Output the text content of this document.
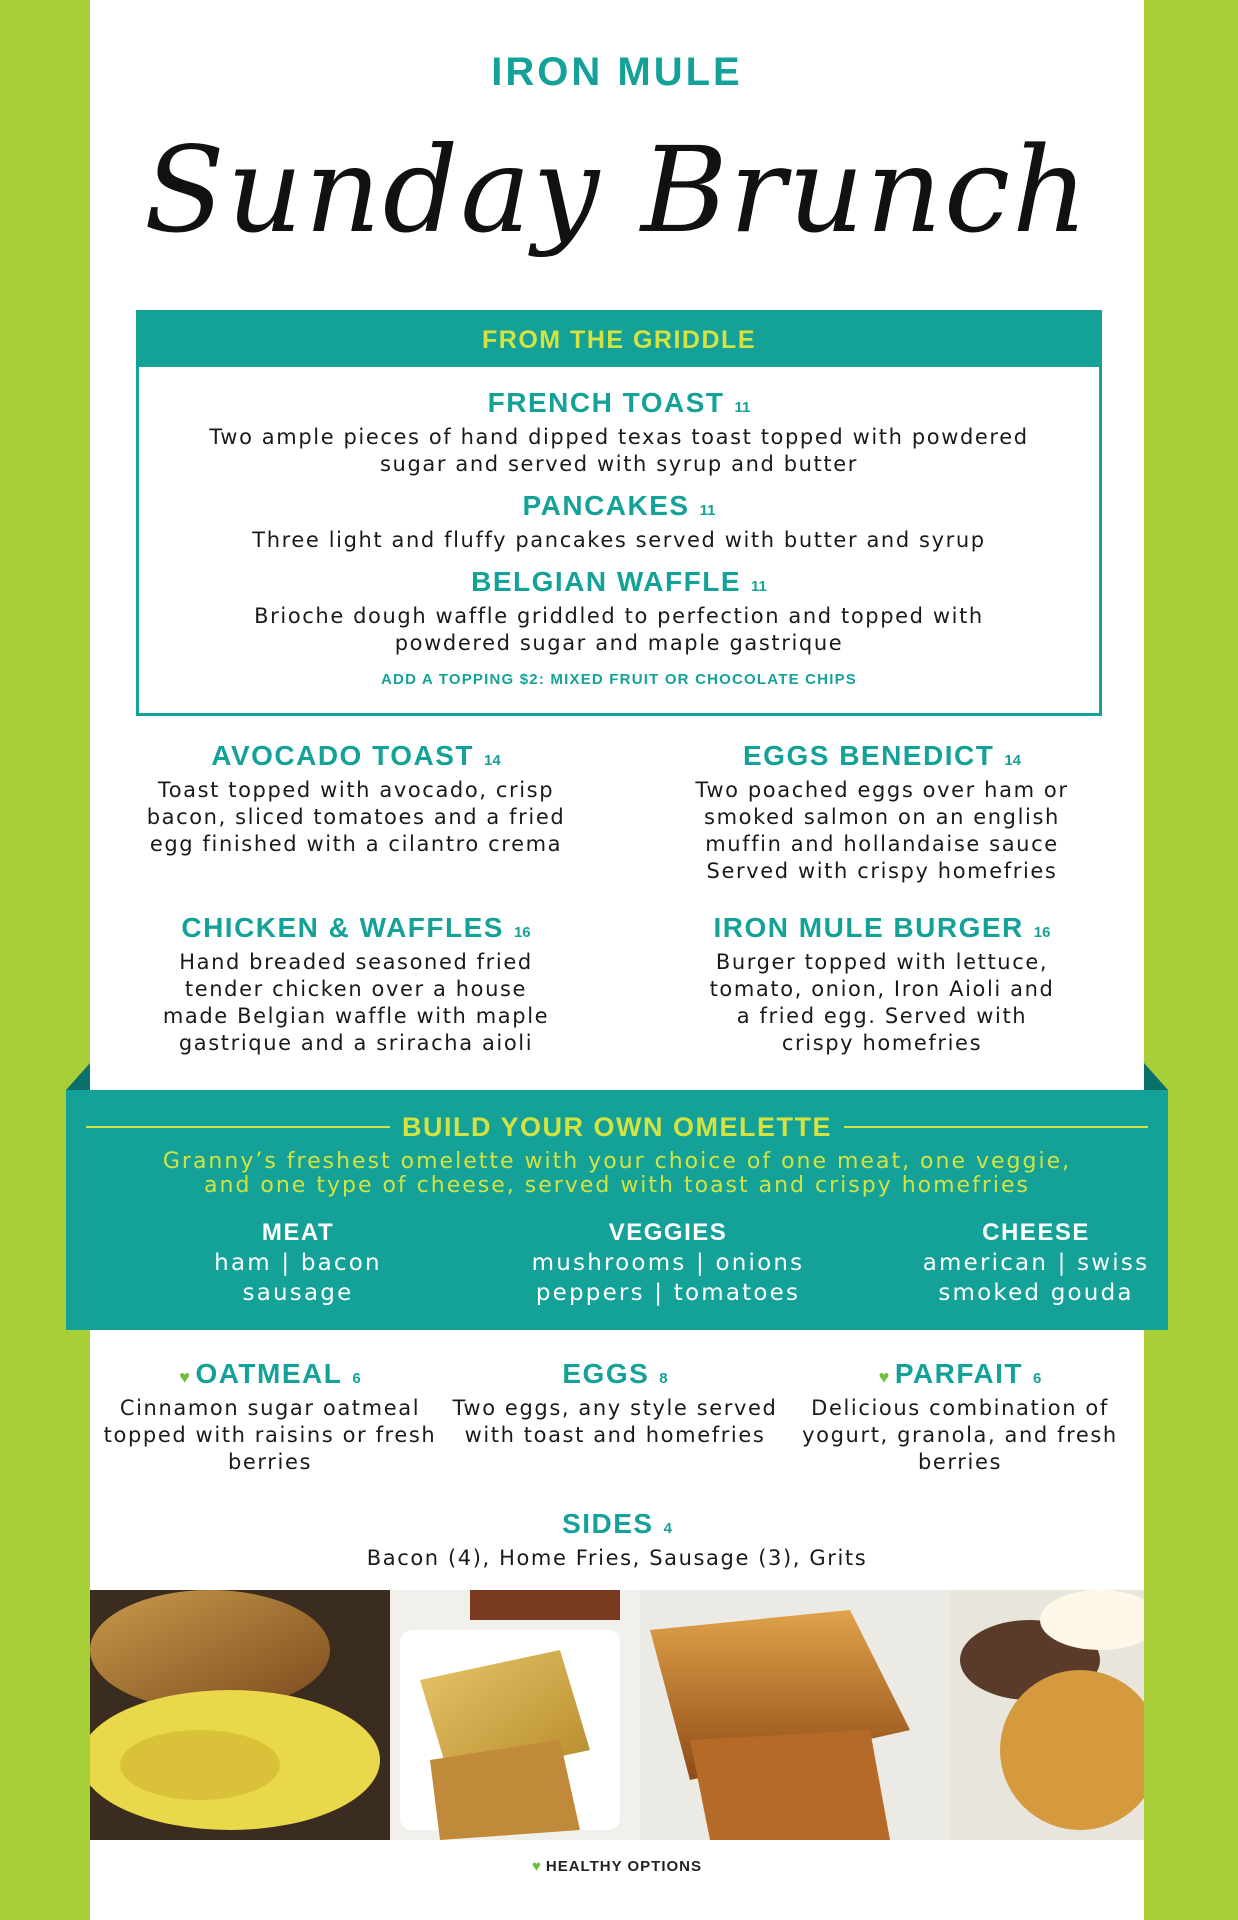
IRON MULE
Sunday Brunch
FROM THE GRIDDLE
FRENCH TOAST 11
Two ample pieces of hand dipped texas toast topped with powdered sugar and served with syrup and butter
PANCAKES 11
Three light and fluffy pancakes served with butter and syrup
BELGIAN WAFFLE 11
Brioche dough waffle griddled to perfection and topped with powdered sugar and maple gastrique
ADD A TOPPING $2: MIXED FRUIT OR CHOCOLATE CHIPS
AVOCADO TOAST 14
Toast topped with avocado, crisp bacon, sliced tomatoes and a fried egg finished with a cilantro crema
EGGS BENEDICT 14
Two poached eggs over ham or smoked salmon on an english muffin and hollandaise sauce Served with crispy homefries
CHICKEN & WAFFLES 16
Hand breaded seasoned fried tender chicken over a house made Belgian waffle with maple gastrique and a sriracha aioli
IRON MULE BURGER 16
Burger topped with lettuce, tomato, onion, Iron Aioli and a fried egg. Served with crispy homefries
BUILD YOUR OWN OMELETTE
Granny’s freshest omelette with your choice of one meat, one veggie,
and one type of cheese, served with toast and crispy homefries
MEAT
ham | bacon
sausage
VEGGIES
mushrooms | onions
peppers | tomatoes
CHEESE
american | swiss
smoked gouda
♥ OATMEAL 6
Cinnamon sugar oatmeal topped with raisins or fresh berries
EGGS 8
Two eggs, any style served with toast and homefries
♥ PARFAIT 6
Delicious combination of yogurt, granola, and fresh berries
SIDES 4
Bacon (4), Home Fries, Sausage (3), Grits
♥ HEALTHY OPTIONS
